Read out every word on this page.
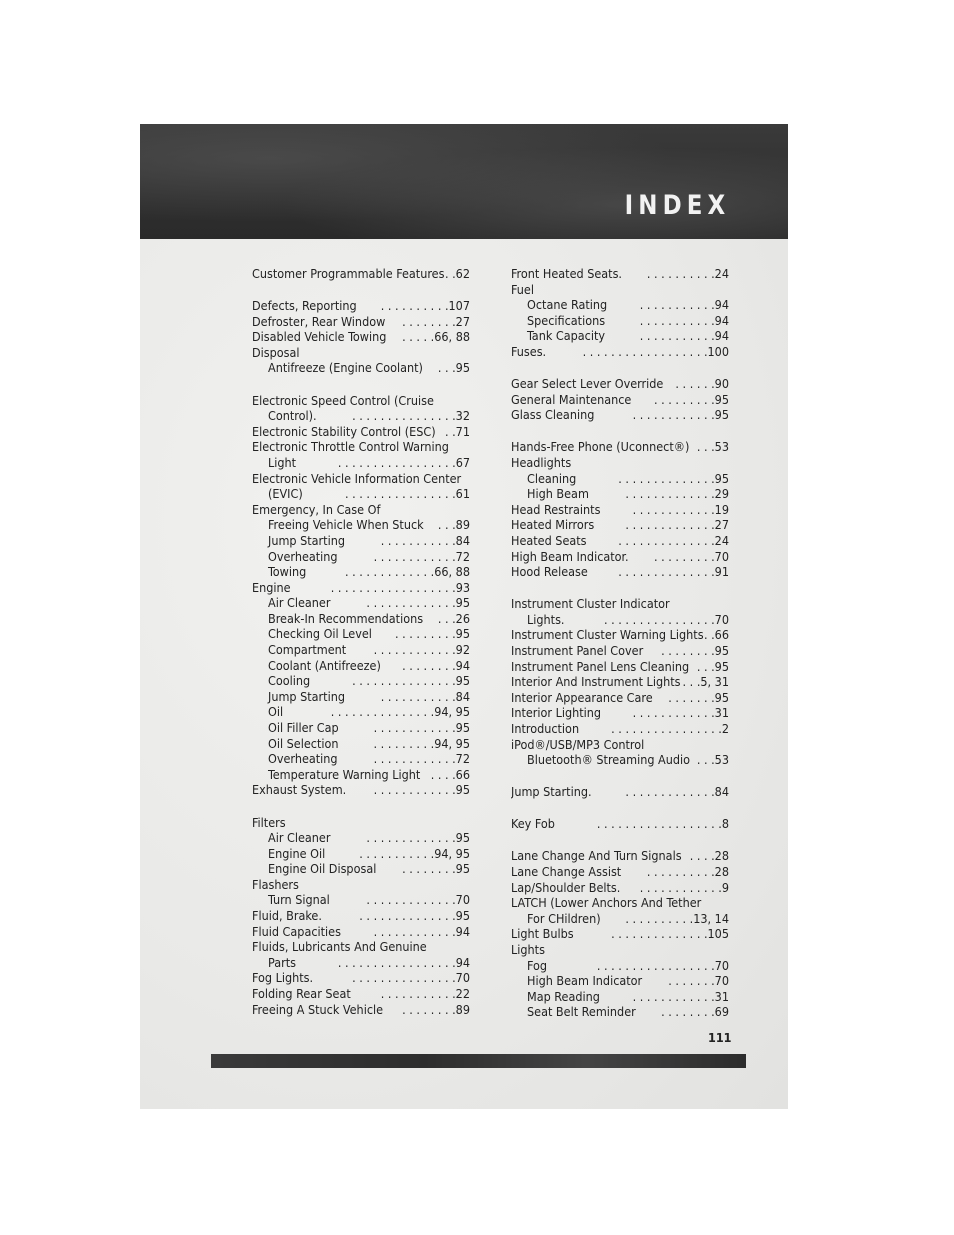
INDEX
Customer Programmable Features . .62
Defects, Reporting . . . . . . . . . .107
Defroster, Rear Window . . . . . . . .27
Disabled Vehicle Towing . . . . .66, 88
Disposal
Antifreeze (Engine Coolant) . . .95
Electronic Speed Control (Cruise
Control).	. . . . . . . . . . . . . . .32
Electronic Stability Control (ESC) . .71
Electronic Throttle Control Warning
Light	. . . . . . . . . . . . . . . . .67
Electronic Vehicle Information Center
(EVIC)	. . . . . . . . . . . . . . . .61
Emergency, In Case Of
Freeing Vehicle When Stuck . . .89
Jump Starting	. . . . . . . . . . .84
Overheating	. . . . . . . . . . . .72
Towing	. . . . . . . . . . . . .66, 88
Engine	. . . . . . . . . . . . . . . . . .93
Air Cleaner	. . . . . . . . . . . . .95
Break-In Recommendations . . .26
Checking Oil Level . . . . . . . . .95
Compartment . . . . . . . . . . . .92
Coolant (Antifreeze) . . . . . . . .94
Cooling	. . . . . . . . . . . . . . .95
Jump Starting	. . . . . . . . . . .84
Oil	. . . . . . . . . . . . . . .94, 95
Oil Filler Cap	. . . . . . . . . . . .95
Oil Selection	. . . . . . . . .94, 95
Overheating	. . . . . . . . . . . .72
Temperature Warning Light . . . .66
Exhaust System. . . . . . . . . . . . .95
Filters
Air Cleaner	. . . . . . . . . . . . .95
Engine Oil	. . . . . . . . . . .94, 95
Engine Oil Disposal . . . . . . . .95
Flashers
Turn Signal	. . . . . . . . . . . . .70
Fluid, Brake.	. . . . . . . . . . . . . .95
Fluid Capacities	. . . . . . . . . . . .94
Fluids, Lubricants And Genuine
Parts	. . . . . . . . . . . . . . . . .94
Fog Lights.	. . . . . . . . . . . . . . .70
Folding Rear Seat . . . . . . . . . . .22
Freeing A Stuck Vehicle . . . . . . . .89
Front Heated Seats. . . . . . . . . . .24
Fuel
Octane Rating	. . . . . . . . . . .94
Specifications	. . . . . . . . . . .94
Tank Capacity	. . . . . . . . . . .94
Fuses.	. . . . . . . . . . . . . . . . . .100
Gear Select Lever Override . . . . . .90
General Maintenance . . . . . . . . .95
Glass Cleaning	. . . . . . . . . . . .95
Hands-Free Phone (Uconnect®) . . .53
Headlights
Cleaning	. . . . . . . . . . . . . .95
High Beam	. . . . . . . . . . . . .29
Head Restraints	. . . . . . . . . . . .19
Heated Mirrors . . . . . . . . . . . . .27
Heated Seats	. . . . . . . . . . . . . .24
High Beam Indicator. . . . . . . . . .70
Hood Release . . . . . . . . . . . . . .91
Instrument Cluster Indicator
Lights.	. . . . . . . . . . . . . . . .70
Instrument Cluster Warning Lights . .66
Instrument Panel Cover . . . . . . . .95
Instrument Panel Lens Cleaning . . .95
Interior And Instrument Lights . . .5, 31
Interior Appearance Care . . . . . . .95
Interior Lighting	. . . . . . . . . . . .31
Introduction	. . . . . . . . . . . . . . . .2
iPod®/USB/MP3 Control
Bluetooth® Streaming Audio . . .53
Jump Starting.	. . . . . . . . . . . . .84
Key Fob	. . . . . . . . . . . . . . . . . .8
Lane Change And Turn Signals . . . .28
Lane Change Assist . . . . . . . . . .28
Lap/Shoulder Belts. . . . . . . . . . . . .9
LATCH (Lower Anchors And Tether
For CHildren) . . . . . . . . . .13, 14
Light Bulbs	. . . . . . . . . . . . . .105
Lights
Fog	. . . . . . . . . . . . . . . . .70
High Beam Indicator . . . . . . .70
Map Reading	. . . . . . . . . . . .31
Seat Belt Reminder . . . . . . . .69
111
